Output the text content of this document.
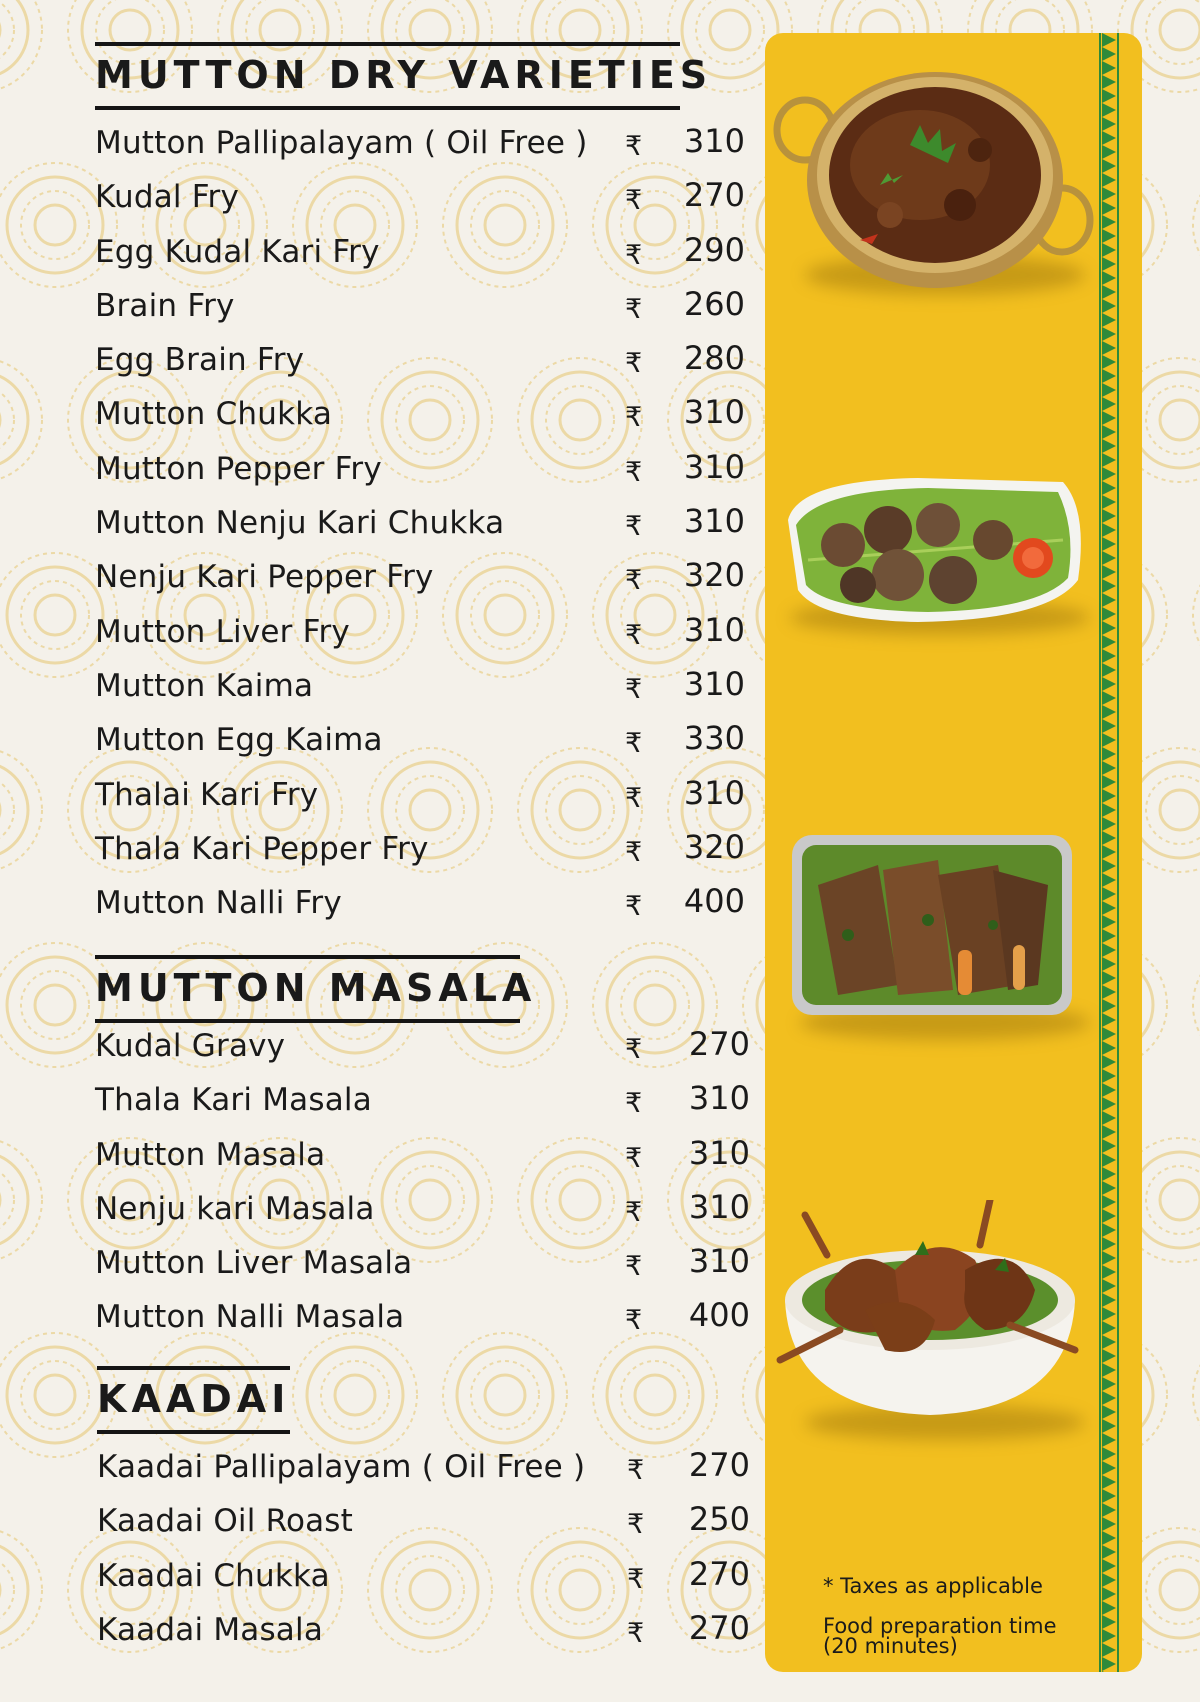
MUTTON DRY VARIETIES
Mutton Pallipalayam ( Oil Free ) ₹ 310
Kudal Fry	₹ 270
Egg Kudal Kari Fry	₹ 290
Brain Fry	₹ 260
Egg Brain Fry	₹ 280
Mutton Chukka	₹ 310
Mutton Pepper Fry	₹ 310
Mutton Nenju Kari Chukka	₹ 310
Nenju Kari Pepper Fry	₹ 320
Mutton Liver Fry	₹ 310
Mutton Kaima	₹ 310
Mutton Egg Kaima	₹ 330
Thalai Kari Fry	₹ 310
Thala Kari Pepper Fry	₹ 320
Mutton Nalli Fry	₹ 400
MUTTON MASALA
Kudal Gravy	₹ 270
Thala Kari Masala	₹ 310
Mutton Masala	₹ 310
Nenju kari Masala	₹ 310
Mutton Liver Masala	₹ 310
Mutton Nalli Masala	₹ 400
KAADAI
Kaadai Pallipalayam ( Oil Free ) ₹ 270
Kaadai Oil Roast	₹ 250
Kaadai Chukka	₹ 270
Kaadai Masala	₹ 270
* Taxes as applicable
Food preparation time
(20 minutes)
